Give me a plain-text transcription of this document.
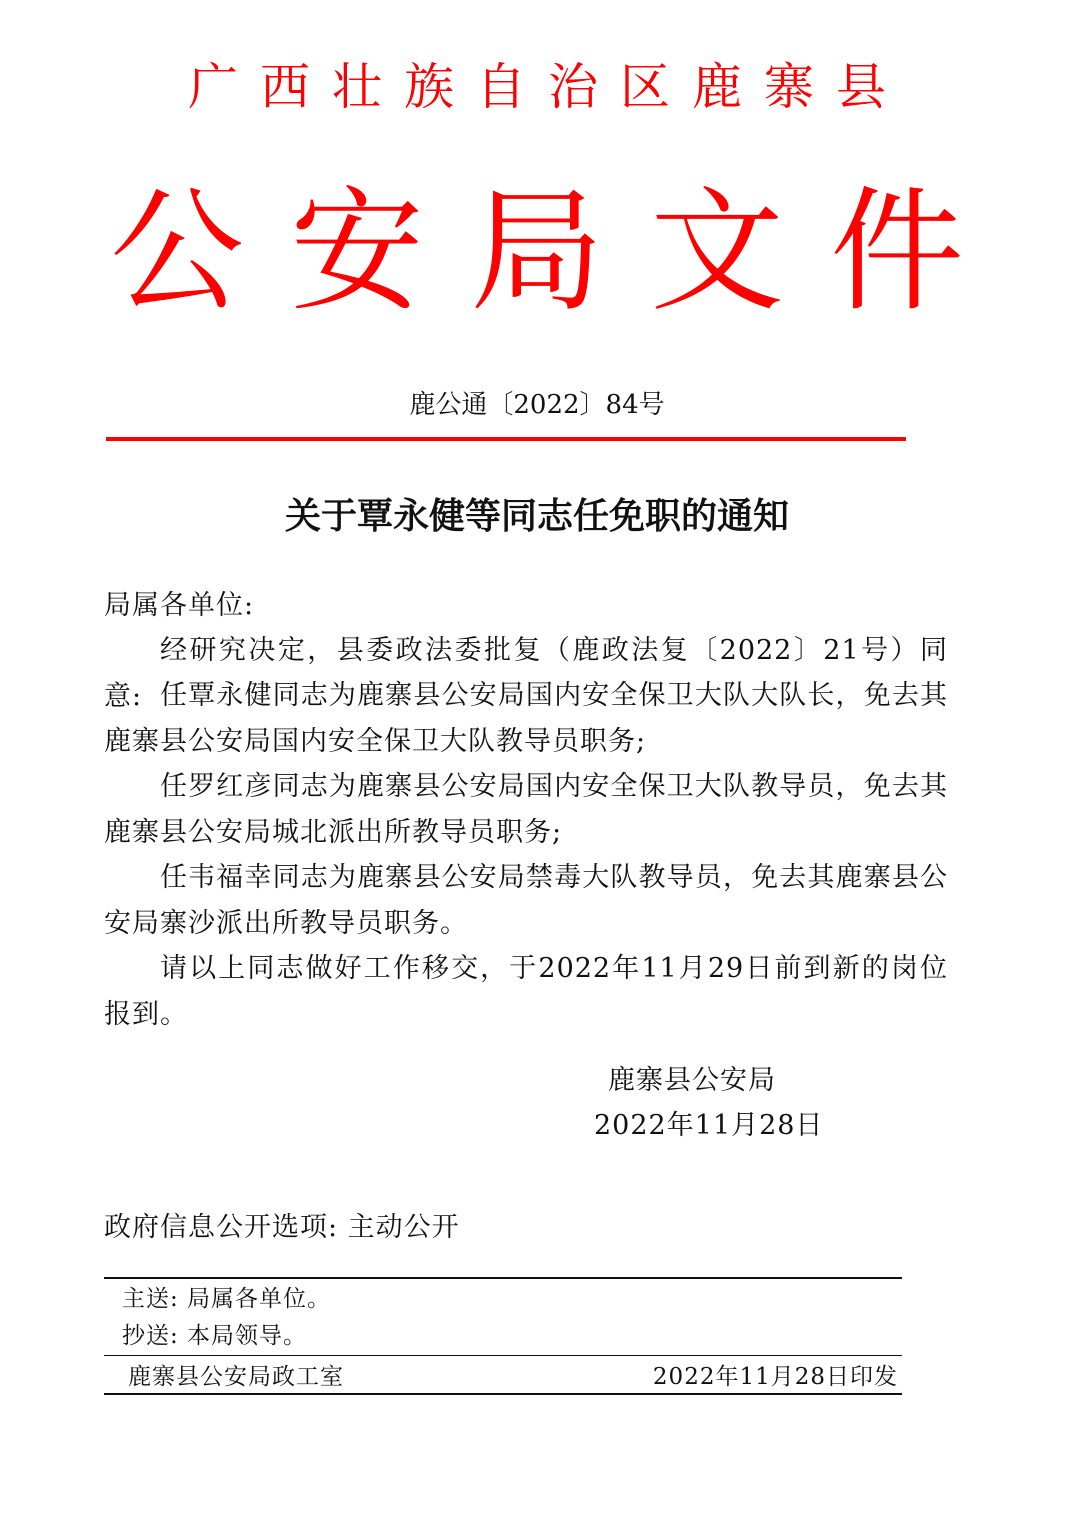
广西壮族自治区鹿寨县
公安局文件
鹿公通〔2022〕84号
关于覃永健等同志任免职的通知
局属各单位:
经研究决定，县委政法委批复（鹿政法复〔2022〕21号）同意: 任覃永健同志为鹿寨县公安局国内安全保卫大队大队长，免去其鹿寨县公安局国内安全保卫大队教导员职务;
任罗红彦同志为鹿寨县公安局国内安全保卫大队教导员，免去其鹿寨县公安局城北派出所教导员职务;
任韦福幸同志为鹿寨县公安局禁毒大队教导员，免去其鹿寨县公安局寨沙派出所教导员职务。
请以上同志做好工作移交，于2022年11月29日前到新的岗位报到。
鹿寨县公安局
2022年11月28日
政府信息公开选项: 主动公开
主送: 局属各单位。
抄送: 本局领导。
鹿寨县公安局政工室	2022年11月28日印发
